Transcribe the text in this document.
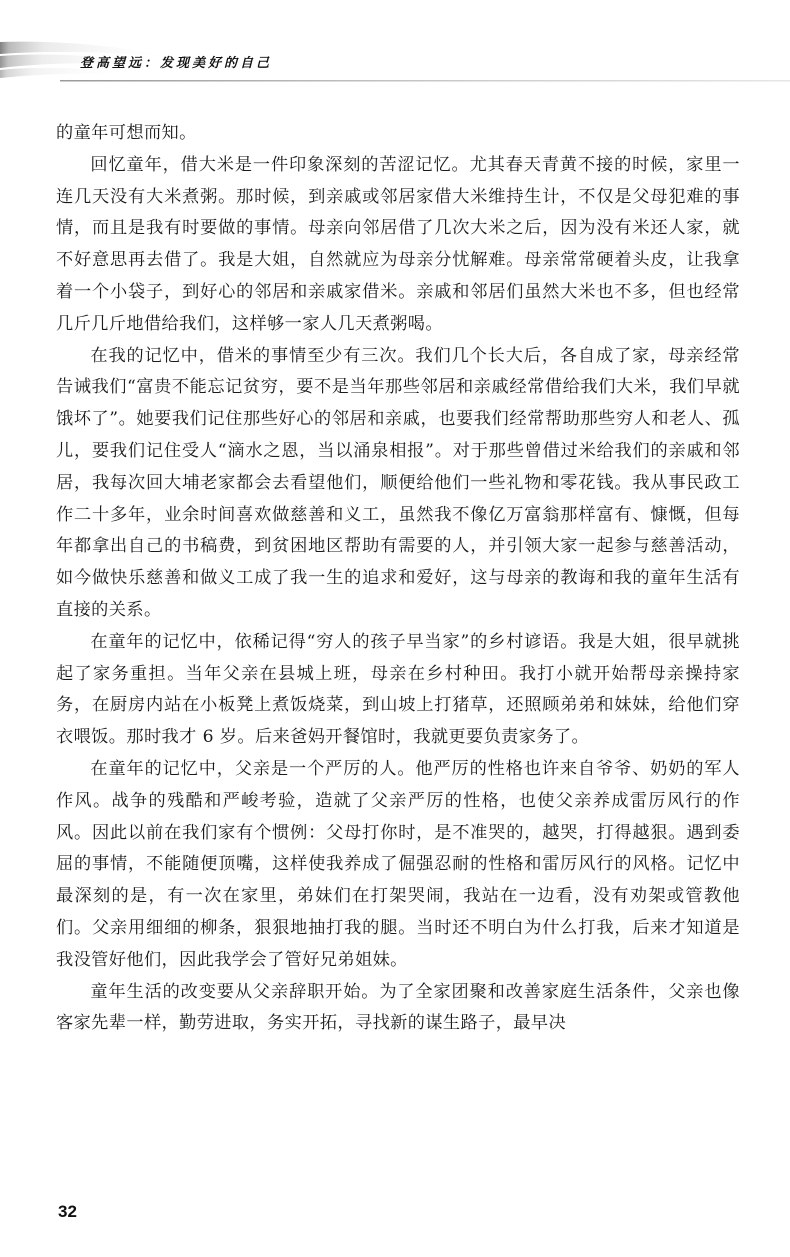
登高望远：发现美好的自己

的童年可想而知。

回忆童年，借大米是一件印象深刻的苦涩记忆。尤其春天青黄不接的时候，家里一连几天没有大米煮粥。那时候，到亲戚或邻居家借大米维持生计，不仅是父母犯难的事情，而且是我有时要做的事情。母亲向邻居借了几次大米之后，因为没有米还人家，就不好意思再去借了。我是大姐，自然就应为母亲分忧解难。母亲常常硬着头皮，让我拿着一个小袋子，到好心的邻居和亲戚家借米。亲戚和邻居们虽然大米也不多，但也经常几斤几斤地借给我们，这样够一家人几天煮粥喝。

在我的记忆中，借米的事情至少有三次。我们几个长大后，各自成了家，母亲经常告诫我们“富贵不能忘记贫穷，要不是当年那些邻居和亲戚经常借给我们大米，我们早就饿坏了”。她要我们记住那些好心的邻居和亲戚，也要我们经常帮助那些穷人和老人、孤儿，要我们记住受人“滴水之恩，当以涌泉相报”。对于那些曾借过米给我们的亲戚和邻居，我每次回大埔老家都会去看望他们，顺便给他们一些礼物和零花钱。我从事民政工作二十多年，业余时间喜欢做慈善和义工，虽然我不像亿万富翁那样富有、慷慨，但每年都拿出自己的书稿费，到贫困地区帮助有需要的人，并引领大家一起参与慈善活动，如今做快乐慈善和做义工成了我一生的追求和爱好，这与母亲的教诲和我的童年生活有直接的关系。

在童年的记忆中，依稀记得“穷人的孩子早当家”的乡村谚语。我是大姐，很早就挑起了家务重担。当年父亲在县城上班，母亲在乡村种田。我打小就开始帮母亲操持家务，在厨房内站在小板凳上煮饭烧菜，到山坡上打猪草，还照顾弟弟和妹妹，给他们穿衣喂饭。那时我才 6 岁。后来爸妈开餐馆时，我就更要负责家务了。

在童年的记忆中，父亲是一个严厉的人。他严厉的性格也许来自爷爷、奶奶的军人作风。战争的残酷和严峻考验，造就了父亲严厉的性格，也使父亲养成雷厉风行的作风。因此以前在我们家有个惯例：父母打你时，是不准哭的，越哭，打得越狠。遇到委屈的事情，不能随便顶嘴，这样使我养成了倔强忍耐的性格和雷厉风行的风格。记忆中最深刻的是，有一次在家里，弟妹们在打架哭闹，我站在一边看，没有劝架或管教他们。父亲用细细的柳条，狠狠地抽打我的腿。当时还不明白为什么打我，后来才知道是我没管好他们，因此我学会了管好兄弟姐妹。

童年生活的改变要从父亲辞职开始。为了全家团聚和改善家庭生活条件，父亲也像客家先辈一样，勤劳进取，务实开拓，寻找新的谋生路子，最早决

32
